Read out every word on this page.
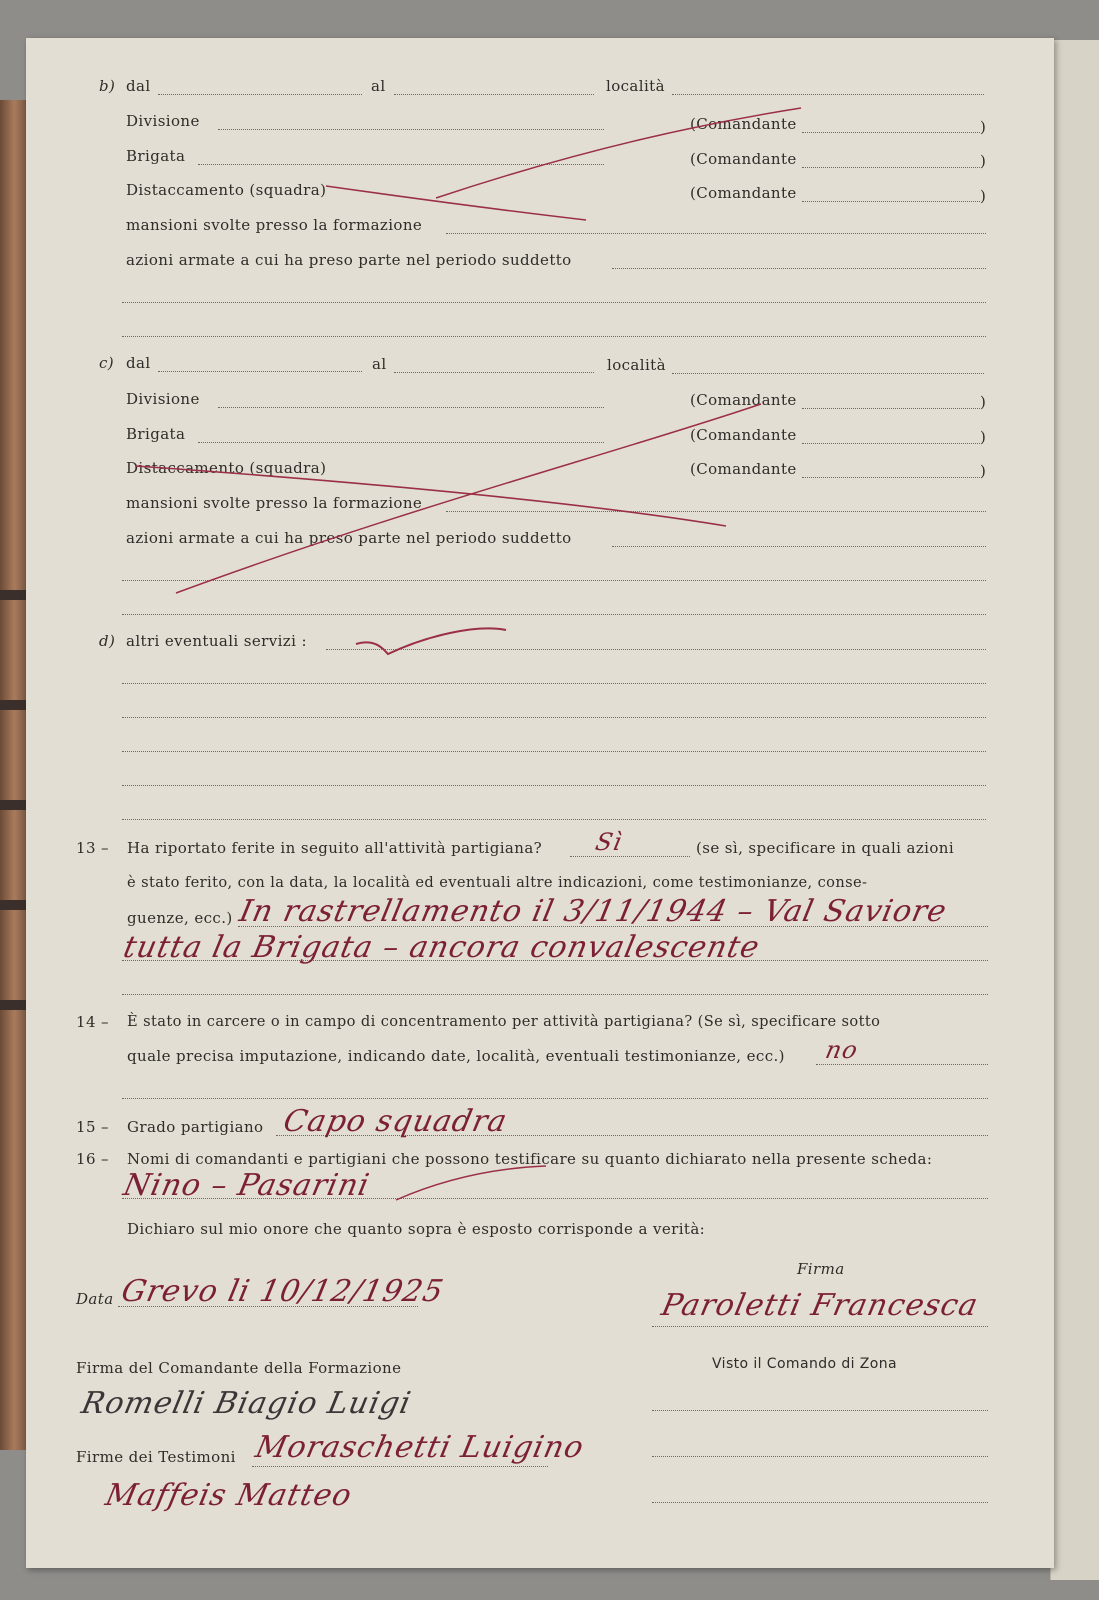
b) dal	al	località
Divisione	(Comandante	)
Brigata	(Comandante	)
Distaccamento (squadra)	(Comandante	)
mansioni svolte presso la formazione
azioni armate a cui ha preso parte nel periodo suddetto
c) dal	al	località
Divisione	(Comandante	)
Brigata	(Comandante	)
Distaccamento (squadra)	(Comandante	)
mansioni svolte presso la formazione
azioni armate a cui ha preso parte nel periodo suddetto
d) altri eventuali servizi :
13 – Ha riportato ferite in seguito all'attività partigiana? Sì	(se sì, specificare in quali azioni
è stato ferito, con la data, la località ed eventuali altre indicazioni, come testimonianze, conse-
guenze, ecc.) In rastrellamento il 3/11/1944 – Val Saviore
tutta la Brigata – ancora convalescente
14 – È stato in carcere o in campo di concentramento per attività partigiana? (Se sì, specificare sotto
quale precisa imputazione, indicando date, località, eventuali testimonianze, ecc.) no
15 – Grado partigiano Capo squadra
16 – Nomi di comandanti e partigiani che possono testificare su quanto dichiarato nella presente scheda:
Nino – Pasarini
Dichiaro sul mio onore che quanto sopra è esposto corrisponde a verità:
Firma
Paroletti Francesca
Data Grevo li 10/12/1925
Firma del Comandante della Formazione
Romelli Biagio Luigi
Visto il Comando di Zona
Firme dei Testimoni Moraschetti Luigino
Maffeis Matteo
